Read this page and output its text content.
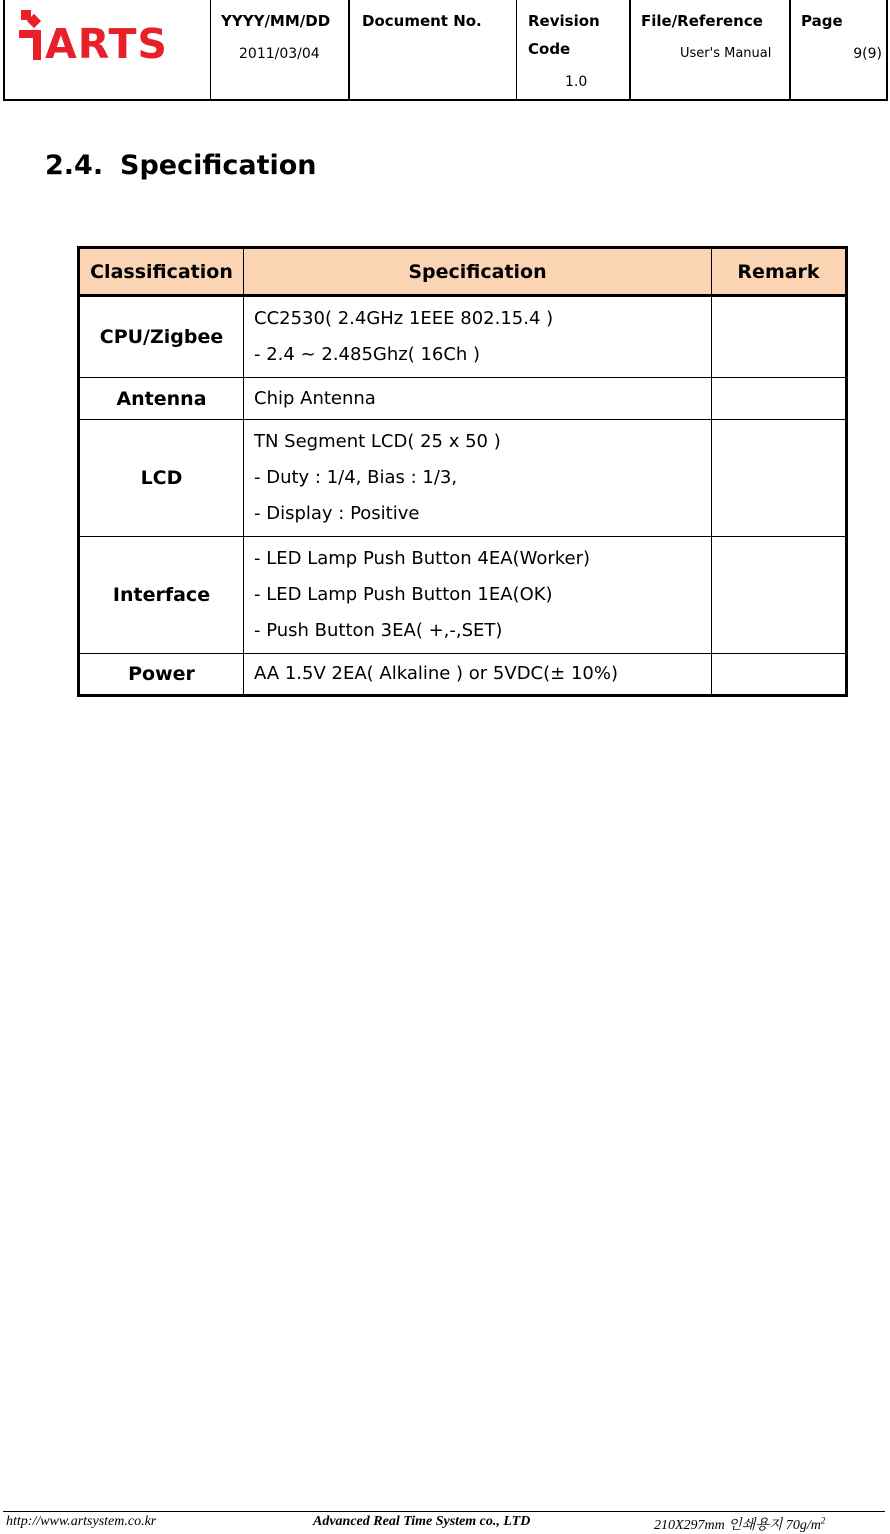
ARTS	YYYY/MM/DD
2011/03/04
Document No.	Revision
Code
1.0
File/Reference
User's Manual
Page
9(9)
2.4. Specification
Classification	Specification	Remark
CPU/Zigbee	CC2530( 2.4GHz 1EEE 802.15.4 )
- 2.4 ~ 2.485Ghz( 16Ch )	

Antenna	Chip Antenna	

LCD	TN Segment LCD( 25 x 50 )
- Duty : 1/4, Bias : 1/3,
- Display : Positive	

Interface	- LED Lamp Push Button 4EA(Worker)
- LED Lamp Push Button 1EA(OK)
- Push Button 3EA( +,-,SET)	

Power	AA 1.5V 2EA( Alkaline ) or 5VDC(± 10%)	

http://www.artsystem.co.kr	Advanced Real Time System co., LTD	210X297mm 인쇄용지 $70g/m^2$
